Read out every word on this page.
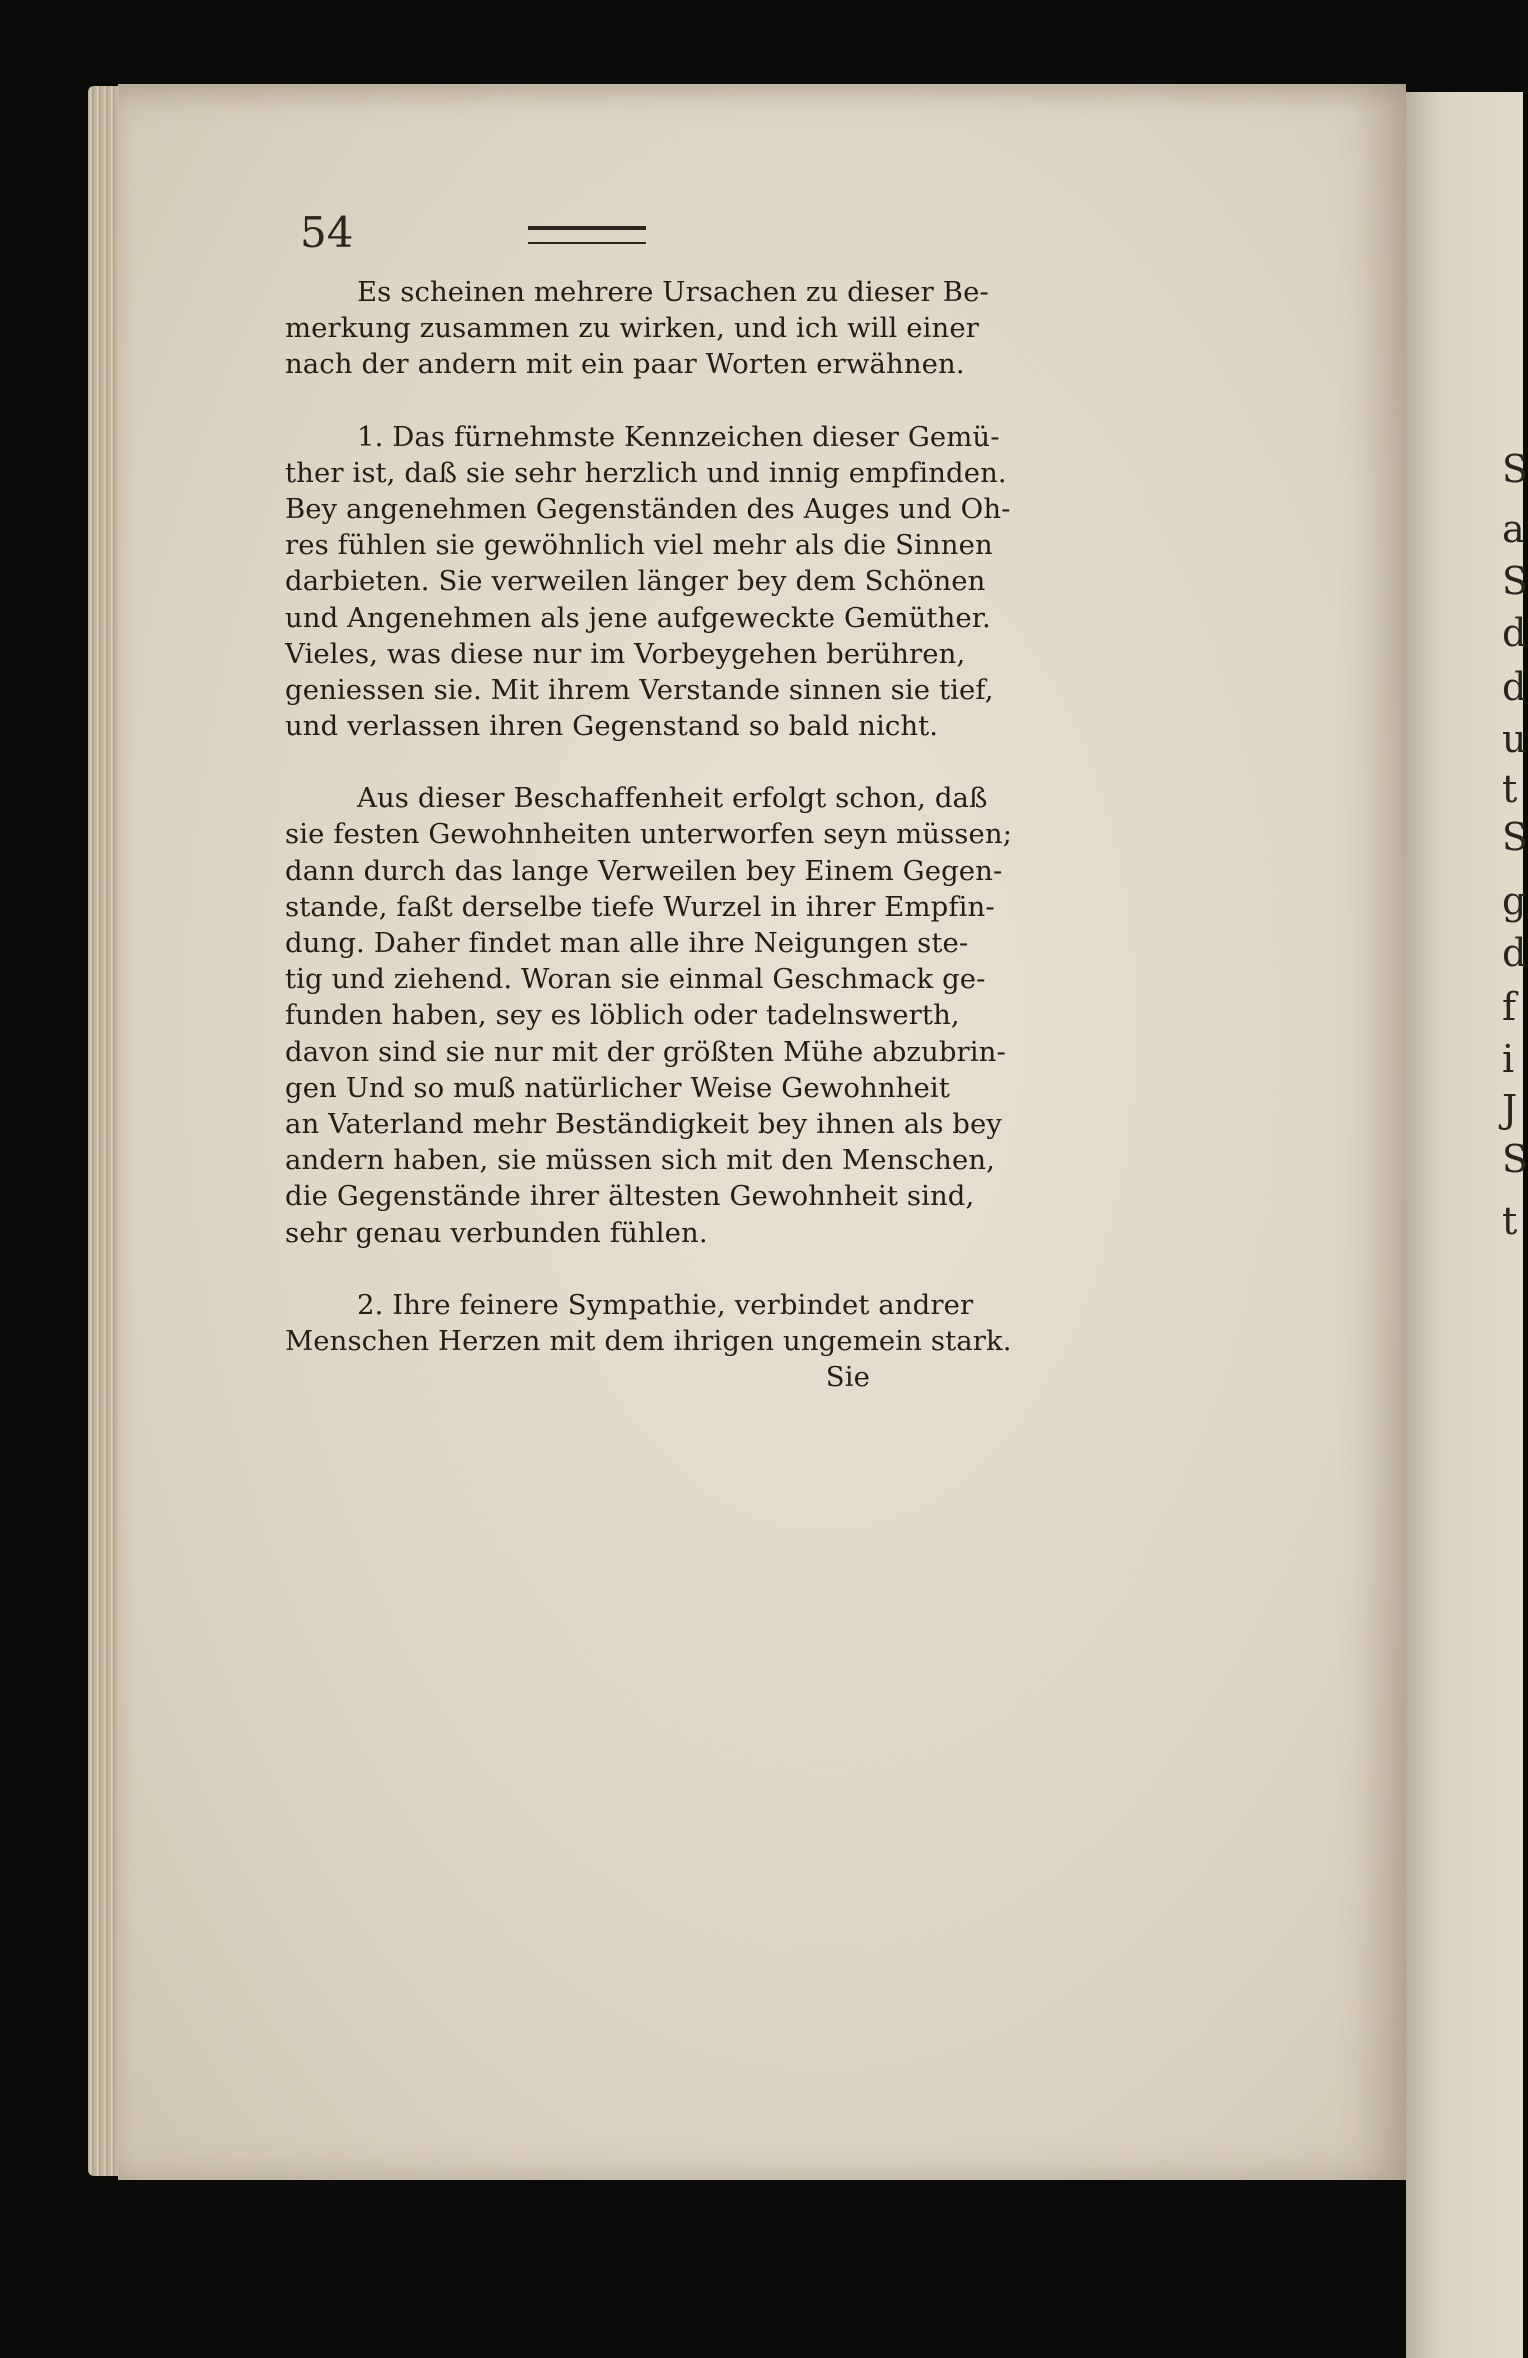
S
a
S
d
d
u
t
S
g
d
f
i
J
S
t
54
Es scheinen mehrere Ursachen zu dieser Be-
merkung zusammen zu wirken, und ich will einer
nach der andern mit ein paar Worten erwähnen.
1. Das fürnehmste Kennzeichen dieser Gemü-
ther ist, daß sie sehr herzlich und innig empfinden.
Bey angenehmen Gegenständen des Auges und Oh-
res fühlen sie gewöhnlich viel mehr als die Sinnen
darbieten. Sie verweilen länger bey dem Schönen
und Angenehmen als jene aufgeweckte Gemüther.
Vieles, was diese nur im Vorbeygehen berühren,
geniessen sie. Mit ihrem Verstande sinnen sie tief,
und verlassen ihren Gegenstand so bald nicht.
Aus dieser Beschaffenheit erfolgt schon, daß
sie festen Gewohnheiten unterworfen seyn müssen;
dann durch das lange Verweilen bey Einem Gegen-
stande, faßt derselbe tiefe Wurzel in ihrer Empfin-
dung. Daher findet man alle ihre Neigungen ste-
tig und ziehend. Woran sie einmal Geschmack ge-
funden haben, sey es löblich oder tadelnswerth,
davon sind sie nur mit der größten Mühe abzubrin-
gen Und so muß natürlicher Weise Gewohnheit
an Vaterland mehr Beständigkeit bey ihnen als bey
andern haben, sie müssen sich mit den Menschen,
die Gegenstände ihrer ältesten Gewohnheit sind,
sehr genau verbunden fühlen.
2. Ihre feinere Sympathie, verbindet andrer
Menschen Herzen mit dem ihrigen ungemein stark.
Sie
